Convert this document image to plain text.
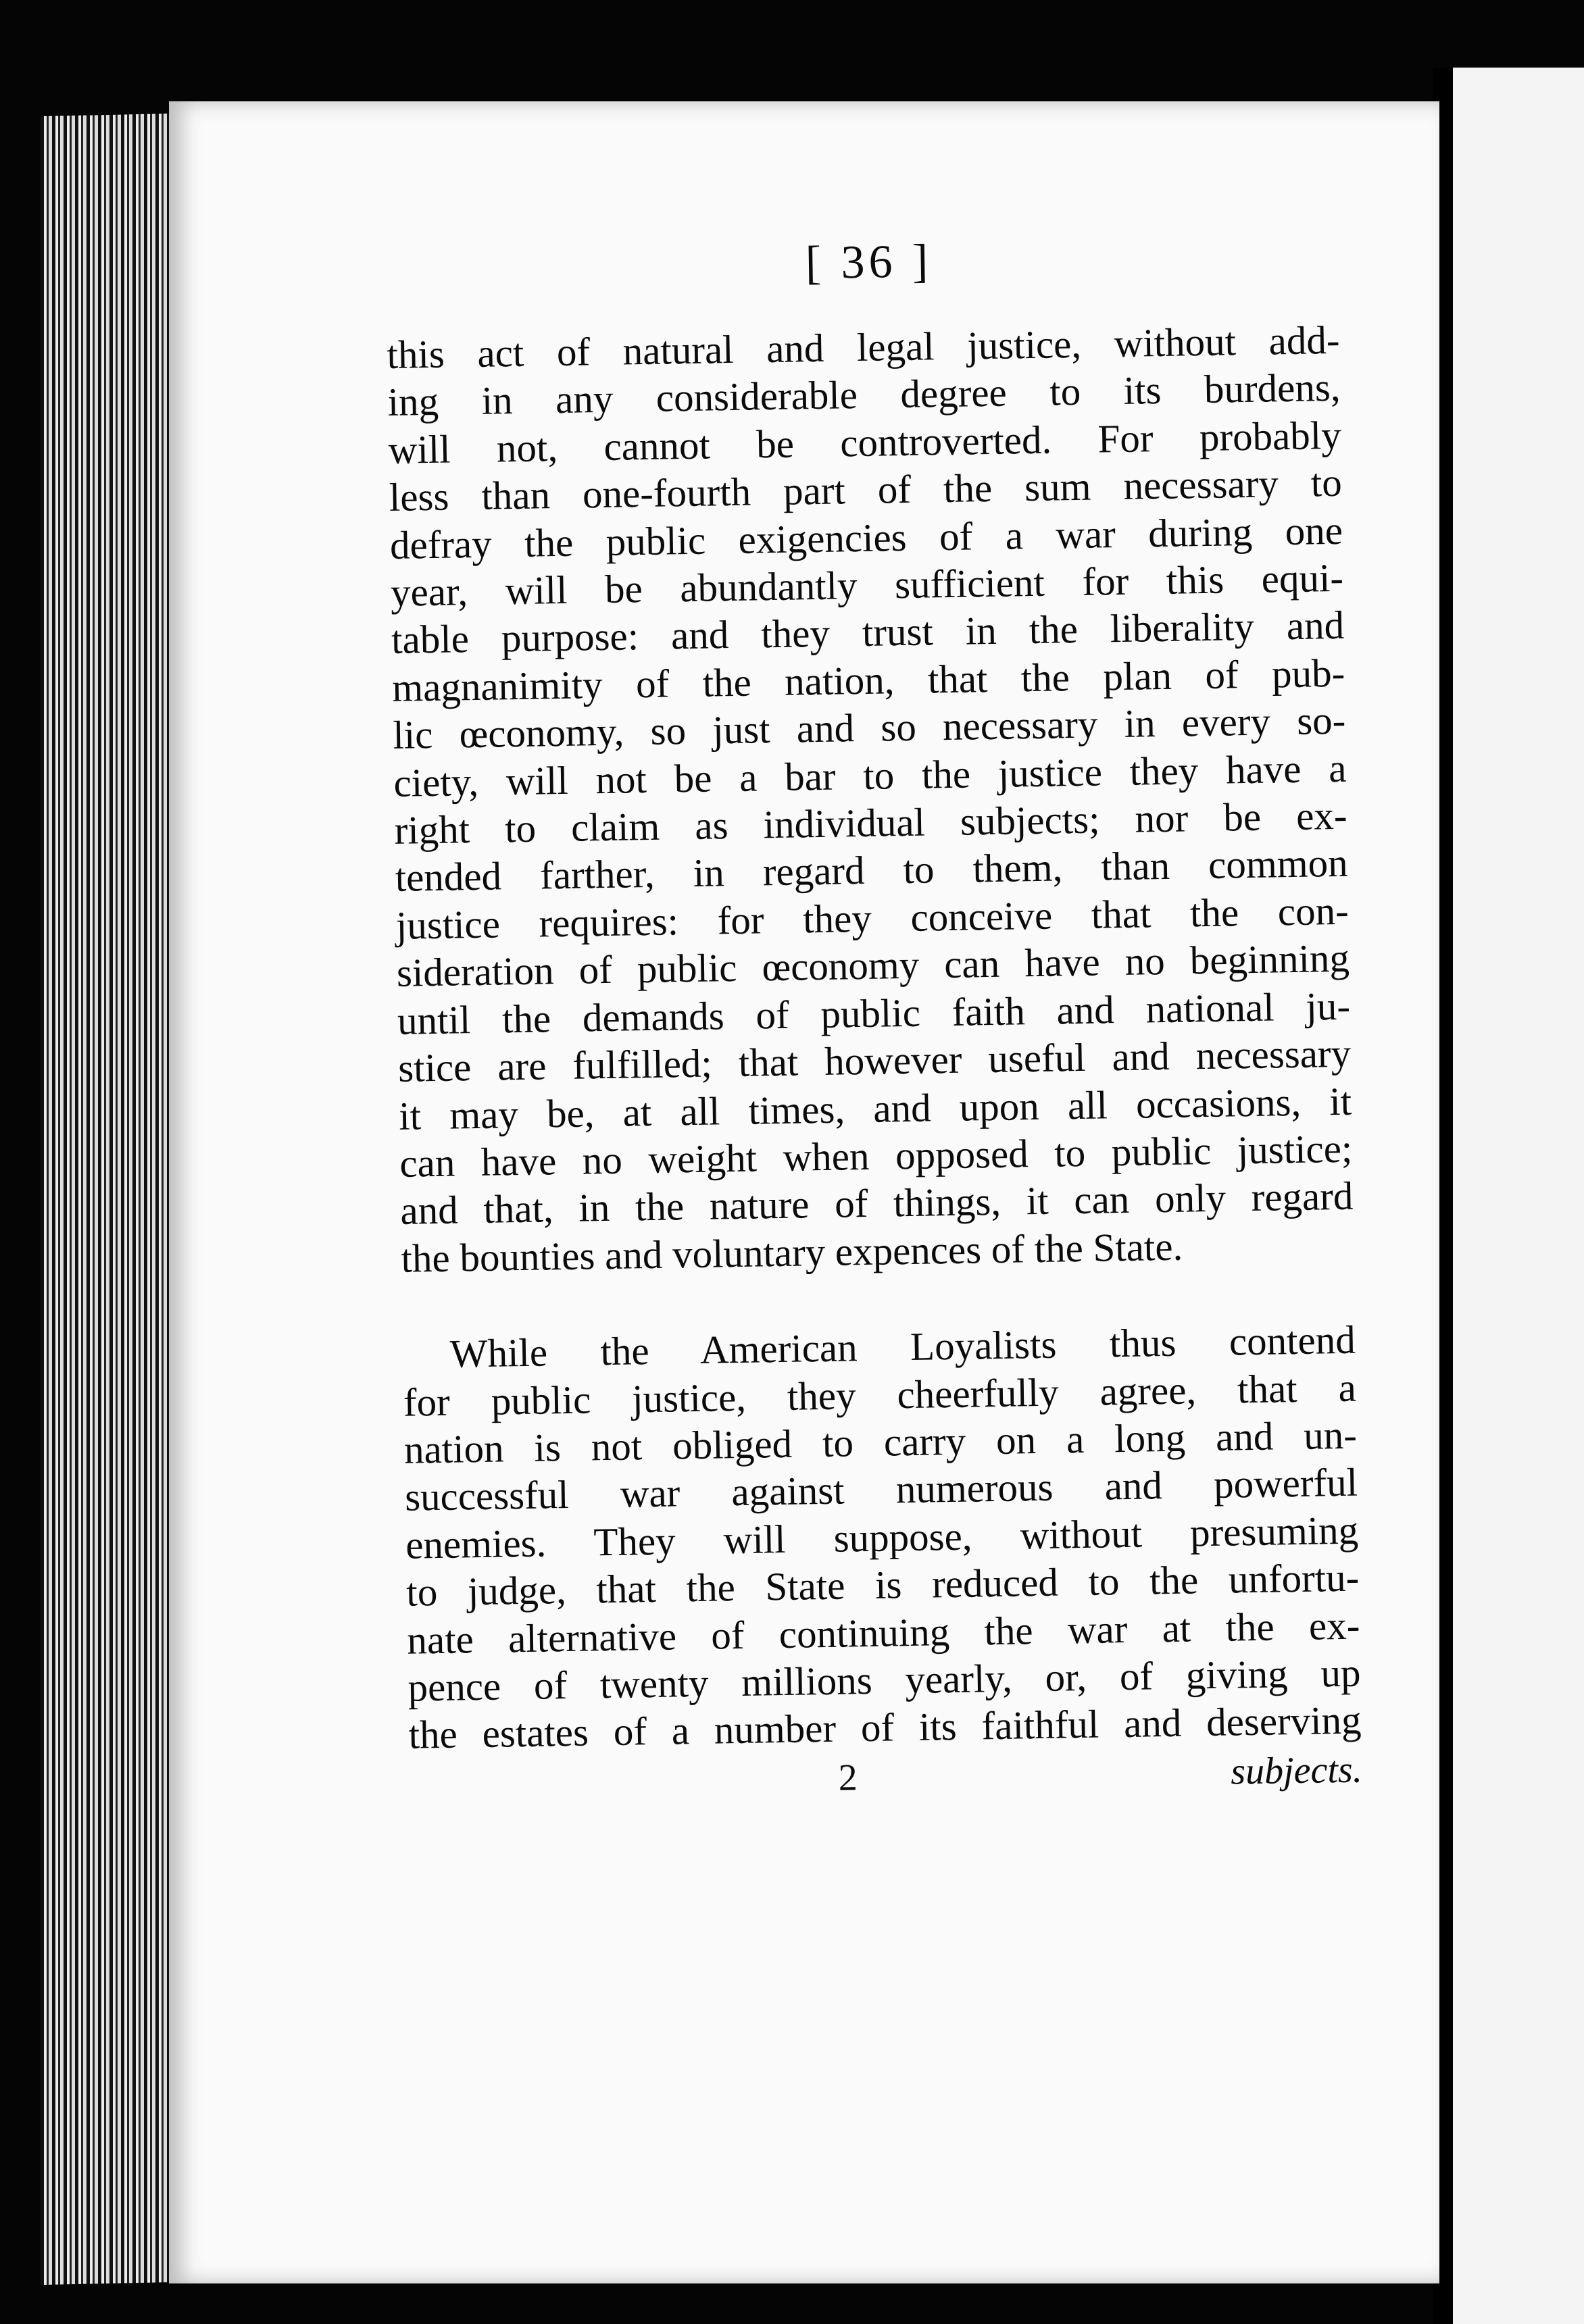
[ 36 ]
this act of natural and legal justice, without add-
ing in any considerable degree to its burdens,
will not, cannot be controverted. For probably
less than one-fourth part of the sum necessary to
defray the public exigencies of a war during one
year, will be abundantly sufficient for this equi-
table purpose: and they trust in the liberality and
magnanimity of the nation, that the plan of pub-
lic œconomy, so just and so necessary in every so-
ciety, will not be a bar to the justice they have a
right to claim as individual subjects; nor be ex-
tended farther, in regard to them, than common
justice requires: for they conceive that the con-
sideration of public œconomy can have no beginning
until the demands of public faith and national ju-
stice are fulfilled; that however useful and necessary
it may be, at all times, and upon all occasions, it
can have no weight when opposed to public justice;
and that, in the nature of things, it can only regard
the bounties and voluntary expences of the State.
While the American Loyalists thus contend
for public justice, they cheerfully agree, that a
nation is not obliged to carry on a long and un-
successful war against numerous and powerful
enemies. They will suppose, without presuming
to judge, that the State is reduced to the unfortu-
nate alternative of continuing the war at the ex-
pence of twenty millions yearly, or, of giving up
the estates of a number of its faithful and deserving
2	subjects.
